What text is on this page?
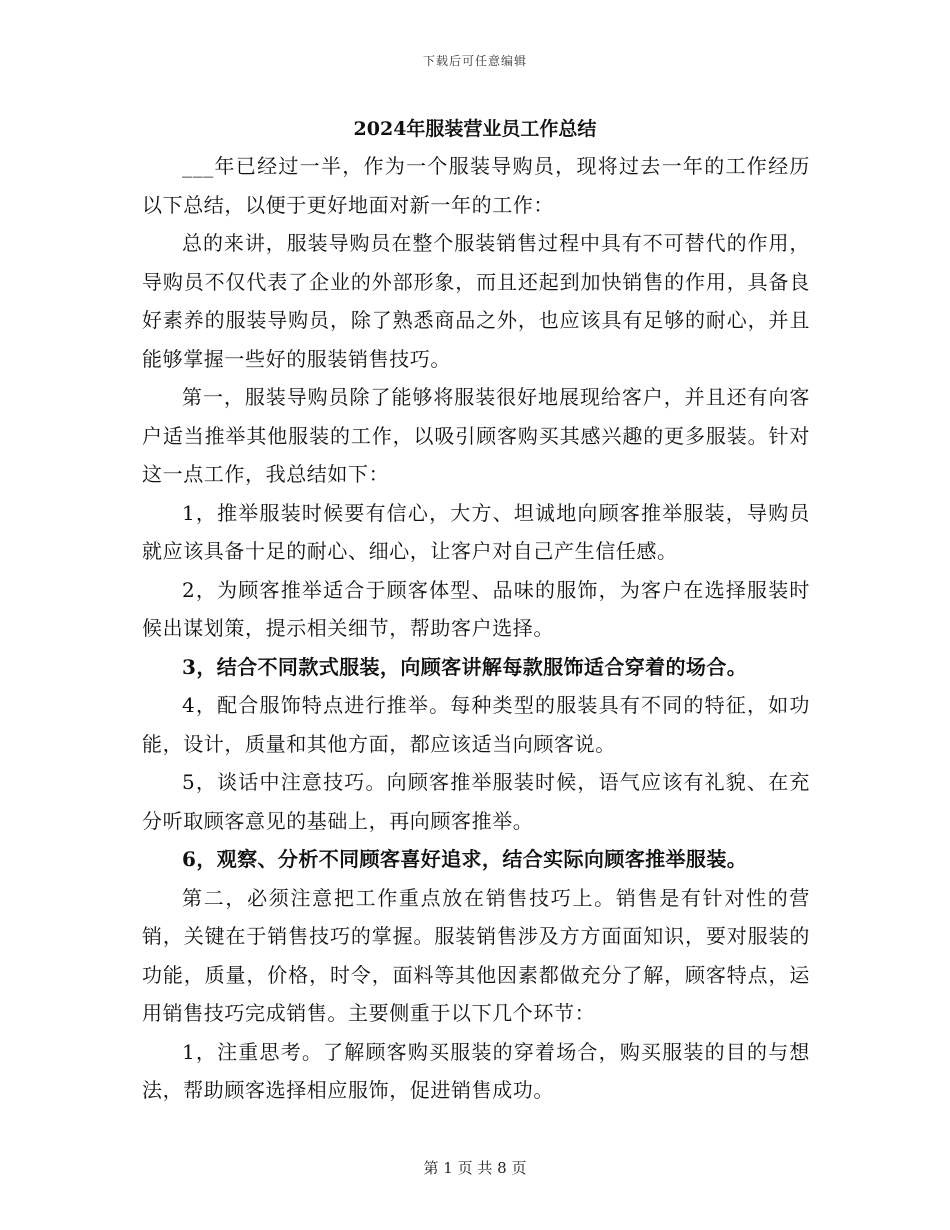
下载后可任意编辑
2024年服装营业员工作总结

___年已经过一半，作为一个服装导购员，现将过去一年的工作经历以下总结，以便于更好地面对新一年的工作：

总的来讲，服装导购员在整个服装销售过程中具有不可替代的作用，导购员不仅代表了企业的外部形象，而且还起到加快销售的作用，具备良好素养的服装导购员，除了熟悉商品之外，也应该具有足够的耐心，并且能够掌握一些好的服装销售技巧。

第一，服装导购员除了能够将服装很好地展现给客户，并且还有向客户适当推举其他服装的工作，以吸引顾客购买其感兴趣的更多服装。针对这一点工作，我总结如下：

1，推举服装时候要有信心，大方、坦诚地向顾客推举服装，导购员就应该具备十足的耐心、细心，让客户对自己产生信任感。

2，为顾客推举适合于顾客体型、品味的服饰，为客户在选择服装时候出谋划策，提示相关细节，帮助客户选择。

3，结合不同款式服装，向顾客讲解每款服饰适合穿着的场合。

4，配合服饰特点进行推举。每种类型的服装具有不同的特征，如功能，设计，质量和其他方面，都应该适当向顾客说。

5，谈话中注意技巧。向顾客推举服装时候，语气应该有礼貌、在充分听取顾客意见的基础上，再向顾客推举。

6，观察、分析不同顾客喜好追求，结合实际向顾客推举服装。

第二，必须注意把工作重点放在销售技巧上。销售是有针对性的营销，关键在于销售技巧的掌握。服装销售涉及方方面面知识，要对服装的功能，质量，价格，时令，面料等其他因素都做充分了解，顾客特点，运用销售技巧完成销售。主要侧重于以下几个环节：

1，注重思考。了解顾客购买服装的穿着场合，购买服装的目的与想法，帮助顾客选择相应服饰，促进销售成功。

第 1 页 共 8 页
